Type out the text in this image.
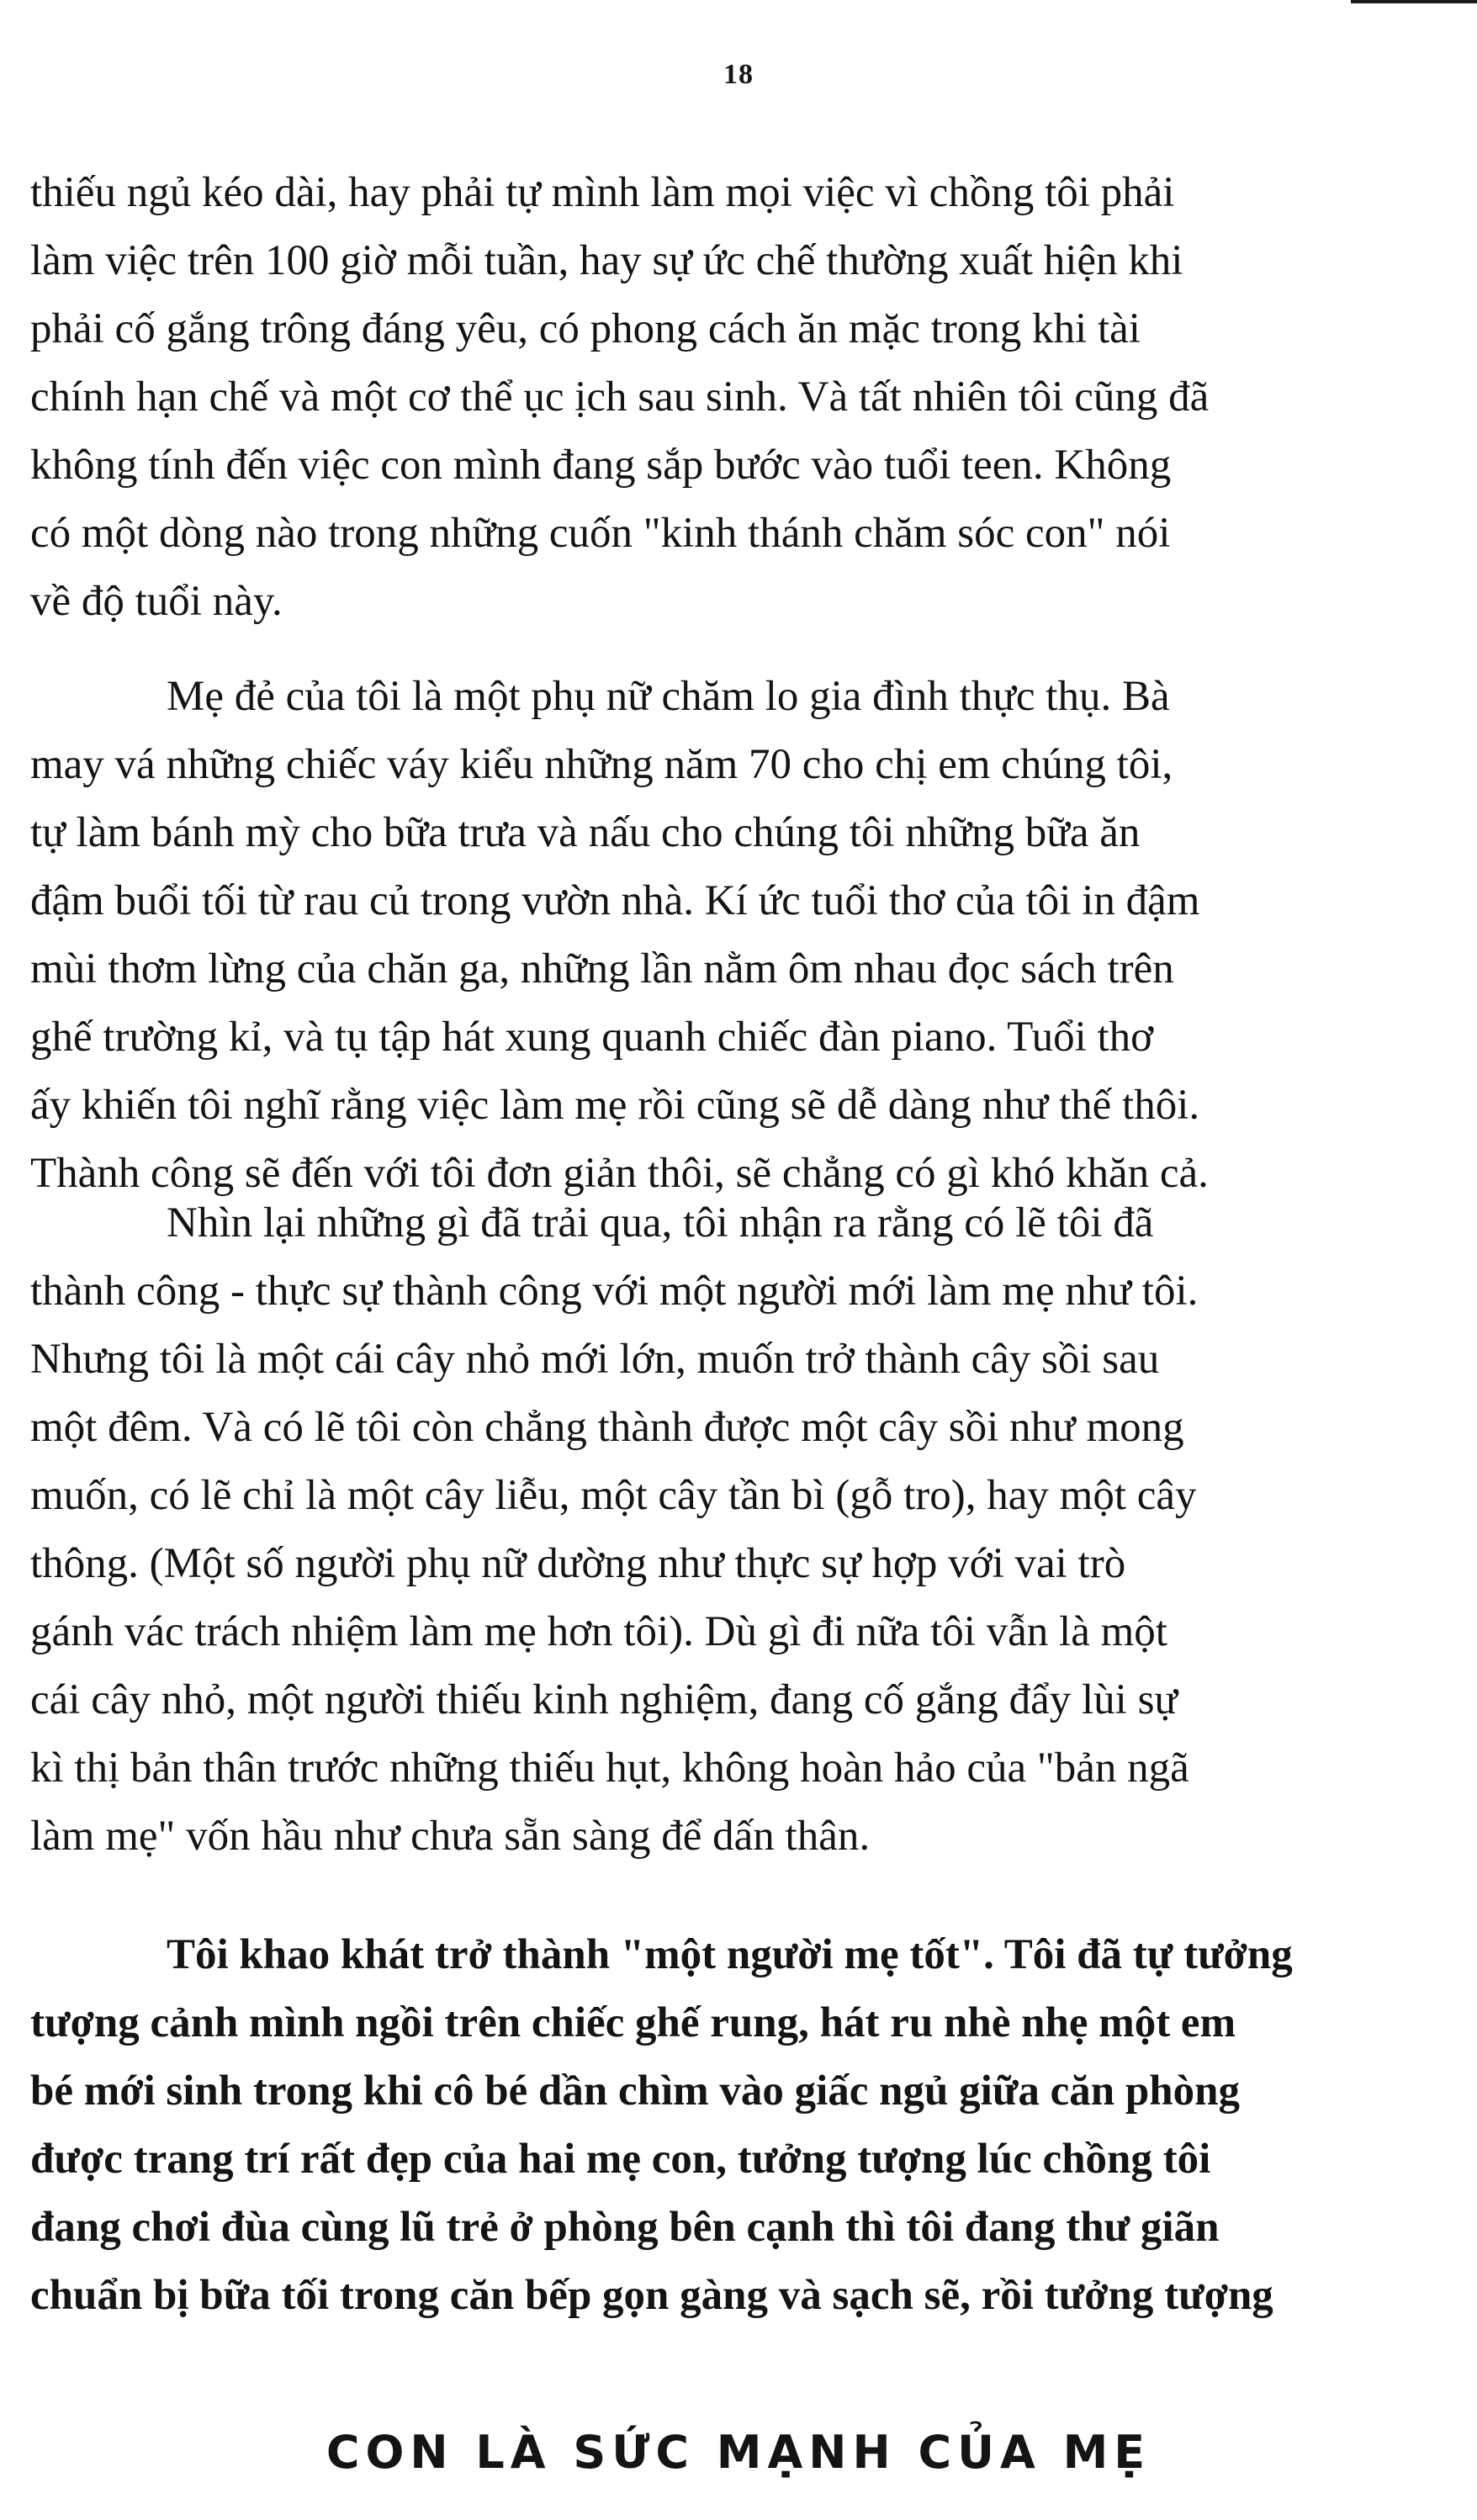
18
thiếu ngủ kéo dài, hay phải tự mình làm mọi việc vì chồng tôi phải
làm việc trên 100 giờ mỗi tuần, hay sự ức chế thường xuất hiện khi
phải cố gắng trông đáng yêu, có phong cách ăn mặc trong khi tài
chính hạn chế và một cơ thể ục ịch sau sinh. Và tất nhiên tôi cũng đã
không tính đến việc con mình đang sắp bước vào tuổi teen. Không
có một dòng nào trong những cuốn "kinh thánh chăm sóc con" nói
về độ tuổi này.
Mẹ đẻ của tôi là một phụ nữ chăm lo gia đình thực thụ. Bà
may vá những chiếc váy kiểu những năm 70 cho chị em chúng tôi,
tự làm bánh mỳ cho bữa trưa và nấu cho chúng tôi những bữa ăn
đậm buổi tối từ rau củ trong vườn nhà. Kí ức tuổi thơ của tôi in đậm
mùi thơm lừng của chăn ga, những lần nằm ôm nhau đọc sách trên
ghế trường kỉ, và tụ tập hát xung quanh chiếc đàn piano. Tuổi thơ
ấy khiến tôi nghĩ rằng việc làm mẹ rồi cũng sẽ dễ dàng như thế thôi.
Thành công sẽ đến với tôi đơn giản thôi, sẽ chẳng có gì khó khăn cả.
Nhìn lại những gì đã trải qua, tôi nhận ra rằng có lẽ tôi đã
thành công - thực sự thành công với một người mới làm mẹ như tôi.
Nhưng tôi là một cái cây nhỏ mới lớn, muốn trở thành cây sồi sau
một đêm. Và có lẽ tôi còn chẳng thành được một cây sồi như mong
muốn, có lẽ chỉ là một cây liễu, một cây tần bì (gỗ tro), hay một cây
thông. (Một số người phụ nữ dường như thực sự hợp với vai trò
gánh vác trách nhiệm làm mẹ hơn tôi). Dù gì đi nữa tôi vẫn là một
cái cây nhỏ, một người thiếu kinh nghiệm, đang cố gắng đẩy lùi sự
kì thị bản thân trước những thiếu hụt, không hoàn hảo của "bản ngã
làm mẹ" vốn hầu như chưa sẵn sàng để dấn thân.
Tôi khao khát trở thành "một người mẹ tốt". Tôi đã tự tưởng
tượng cảnh mình ngồi trên chiếc ghế rung, hát ru nhè nhẹ một em
bé mới sinh trong khi cô bé dần chìm vào giấc ngủ giữa căn phòng
được trang trí rất đẹp của hai mẹ con, tưởng tượng lúc chồng tôi
đang chơi đùa cùng lũ trẻ ở phòng bên cạnh thì tôi đang thư giãn
chuẩn bị bữa tối trong căn bếp gọn gàng và sạch sẽ, rồi tưởng tượng
CON LÀ SỨC MẠNH CỦA MẸ
